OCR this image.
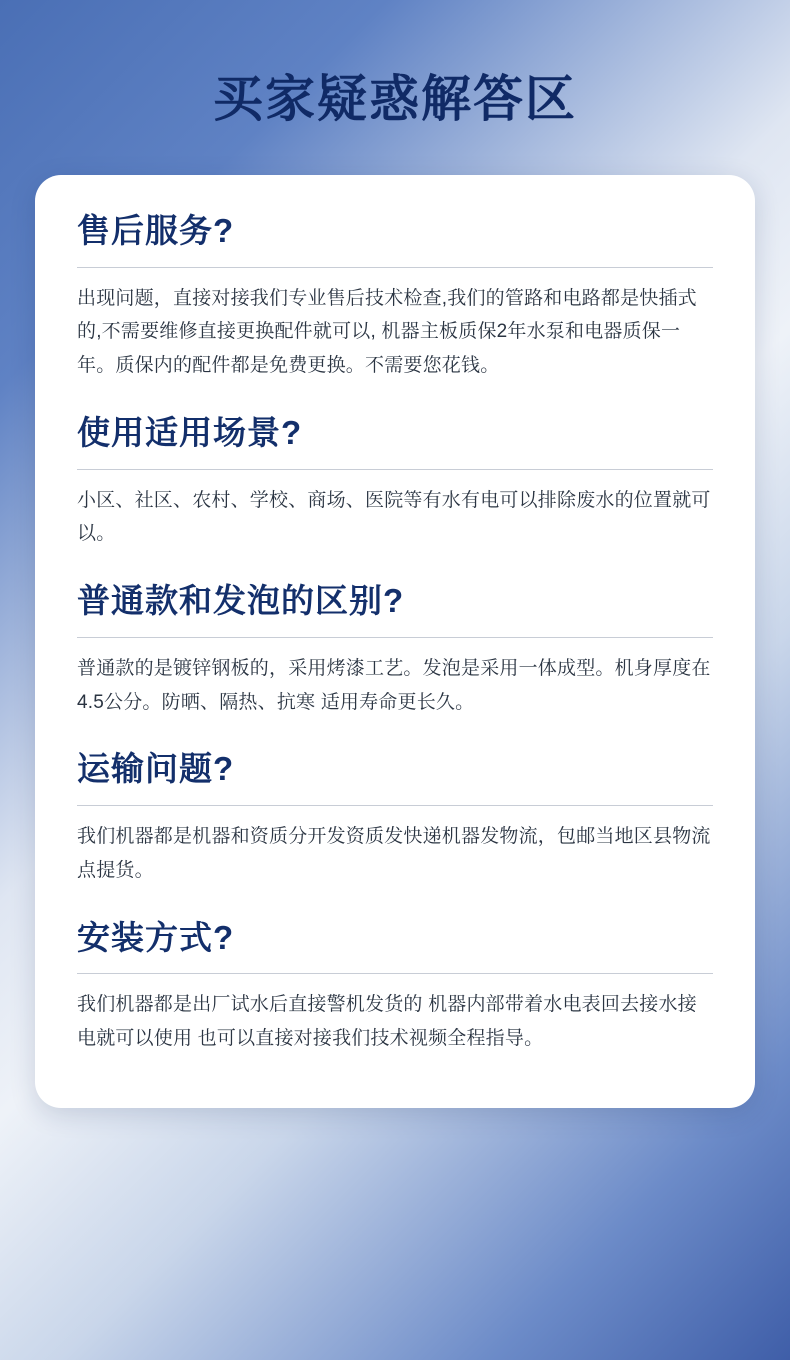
买家疑惑解答区
售后服务?
出现问题，直接对接我们专业售后技术检查,我们的管路和电路都是快插式的,不需要维修直接更换配件就可以, 机器主板质保2年水泵和电器质保一年。质保内的配件都是免费更换。不需要您花钱。
使用适用场景?
小区、社区、农村、学校、商场、医院等有水有电可以排除废水的位置就可以。
普通款和发泡的区别?
普通款的是镀锌钢板的，采用烤漆工艺。发泡是采用一体成型。机身厚度在4.5公分。防晒、隔热、抗寒 适用寿命更长久。
运输问题?
我们机器都是机器和资质分开发资质发快递机器发物流，包邮当地区县物流点提货。
安装方式?
我们机器都是出厂试水后直接警机发货的 机器内部带着水电表回去接水接电就可以使用 也可以直接对接我们技术视频全程指导。
